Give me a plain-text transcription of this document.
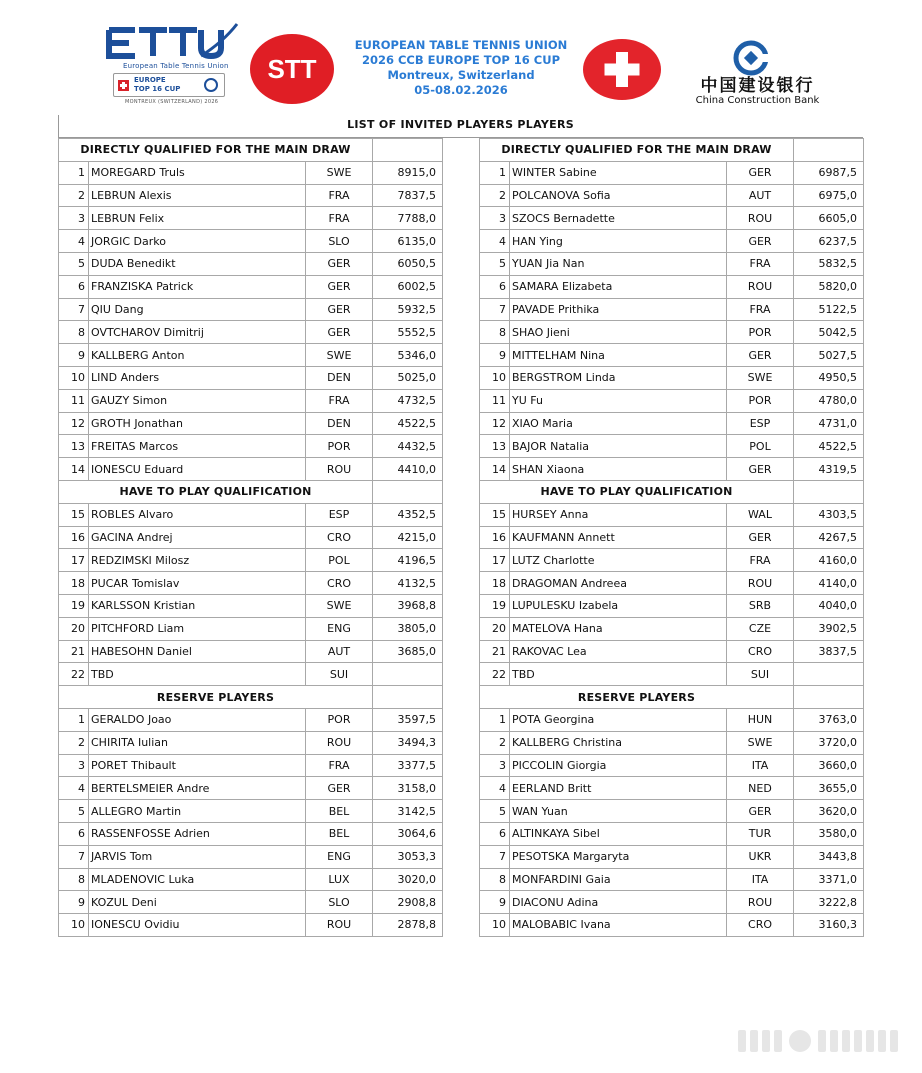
European Table Tennis Union
EUROPE
TOP 16 CUP
MONTREUX (SWITZERLAND) 2026
STT
EUROPEAN TABLE TENNIS UNION
2026 CCB EUROPE TOP 16 CUP
Montreux, Switzerland
05-08.02.2026	中国建设银行
China Construction Bank
LIST OF INVITED PLAYERS PLAYERS
DIRECTLY QUALIFIED FOR THE MAIN DRAW			
1	MOREGARD Truls	SWE	8915,0
2	LEBRUN Alexis	FRA	7837,5
3	LEBRUN Felix	FRA	7788,0
4	JORGIC Darko	SLO	6135,0
5	DUDA Benedikt	GER	6050,5
6	FRANZISKA Patrick	GER	6002,5
7	QIU Dang	GER	5932,5
8	OVTCHAROV Dimitrij	GER	5552,5
9	KALLBERG Anton	SWE	5346,0
10	LIND Anders	DEN	5025,0
11	GAUZY Simon	FRA	4732,5
12	GROTH Jonathan	DEN	4522,5
13	FREITAS Marcos	POR	4432,5
14	IONESCU Eduard	ROU	4410,0
HAVE TO PLAY QUALIFICATION			
15	ROBLES Alvaro	ESP	4352,5
16	GACINA Andrej	CRO	4215,0
17	REDZIMSKI Milosz	POL	4196,5
18	PUCAR Tomislav	CRO	4132,5
19	KARLSSON Kristian	SWE	3968,8
20	PITCHFORD Liam	ENG	3805,0
21	HABESOHN Daniel	AUT	3685,0
22	TBD	SUI	
RESERVE PLAYERS			
1	GERALDO Joao	POR	3597,5
2	CHIRITA Iulian	ROU	3494,3
3	PORET Thibault	FRA	3377,5
4	BERTELSMEIER Andre	GER	3158,0
5	ALLEGRO Martin	BEL	3142,5
6	RASSENFOSSE Adrien	BEL	3064,6
7	JARVIS Tom	ENG	3053,3
8	MLADENOVIC Luka	LUX	3020,0
9	KOZUL Deni	SLO	2908,8
10	IONESCU Ovidiu	ROU	2878,8
DIRECTLY QUALIFIED FOR THE MAIN DRAW			
1	WINTER Sabine	GER	6987,5
2	POLCANOVA Sofia	AUT	6975,0
3	SZOCS Bernadette	ROU	6605,0
4	HAN Ying	GER	6237,5
5	YUAN Jia Nan	FRA	5832,5
6	SAMARA Elizabeta	ROU	5820,0
7	PAVADE Prithika	FRA	5122,5
8	SHAO Jieni	POR	5042,5
9	MITTELHAM Nina	GER	5027,5
10	BERGSTROM Linda	SWE	4950,5
11	YU Fu	POR	4780,0
12	XIAO Maria	ESP	4731,0
13	BAJOR Natalia	POL	4522,5
14	SHAN Xiaona	GER	4319,5
HAVE TO PLAY QUALIFICATION			
15	HURSEY Anna	WAL	4303,5
16	KAUFMANN Annett	GER	4267,5
17	LUTZ Charlotte	FRA	4160,0
18	DRAGOMAN Andreea	ROU	4140,0
19	LUPULESKU Izabela	SRB	4040,0
20	MATELOVA Hana	CZE	3902,5
21	RAKOVAC Lea	CRO	3837,5
22	TBD	SUI	
RESERVE PLAYERS			
1	POTA Georgina	HUN	3763,0
2	KALLBERG Christina	SWE	3720,0
3	PICCOLIN Giorgia	ITA	3660,0
4	EERLAND Britt	NED	3655,0
5	WAN Yuan	GER	3620,0
6	ALTINKAYA Sibel	TUR	3580,0
7	PESOTSKA Margaryta	UKR	3443,8
8	MONFARDINI Gaia	ITA	3371,0
9	DIACONU Adina	ROU	3222,8
10	MALOBABIC Ivana	CRO	3160,3
